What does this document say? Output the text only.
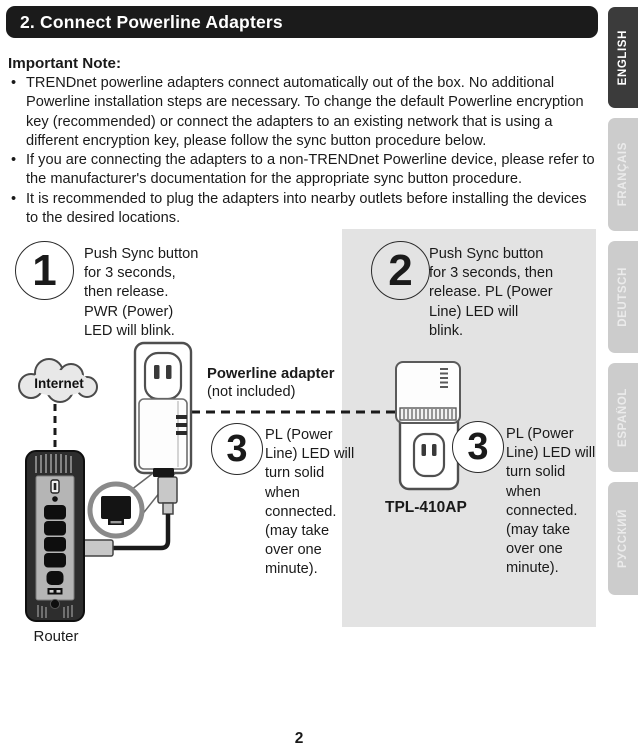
2. Connect Powerline Adapters
ENGLISH
FRANÇAIS
DEUTSCH
ESPAÑOL
РУССКИЙ
Important Note:
• TRENDnet powerline adapters connect automatically out of the box. No additional Powerline installation steps are necessary. To change the default Powerline encryption key (recommended) or connect the adapters to an existing network that is using a different encryption key, please follow the sync button procedure below.
• If you are connecting the adapters to a non-TRENDnet Powerline device, please refer to the manufacturer's documentation for the appropriate sync button procedure.
• It is recommended to plug the adapters into nearby outlets before installing the devices to the desired locations.
1 Push Sync button for 3 seconds, then release. PWR (Power) LED will blink.
2 Push Sync button for 3 seconds, then release. PL (Power Line) LED will blink.
Internet
Router
Powerline adapter
(not included)
3 PL (Power Line) LED will turn solid when connected. (may take over one minute).
TPL-410AP
3 PL (Power Line) LED will turn solid when connected. (may take over one minute).
2
